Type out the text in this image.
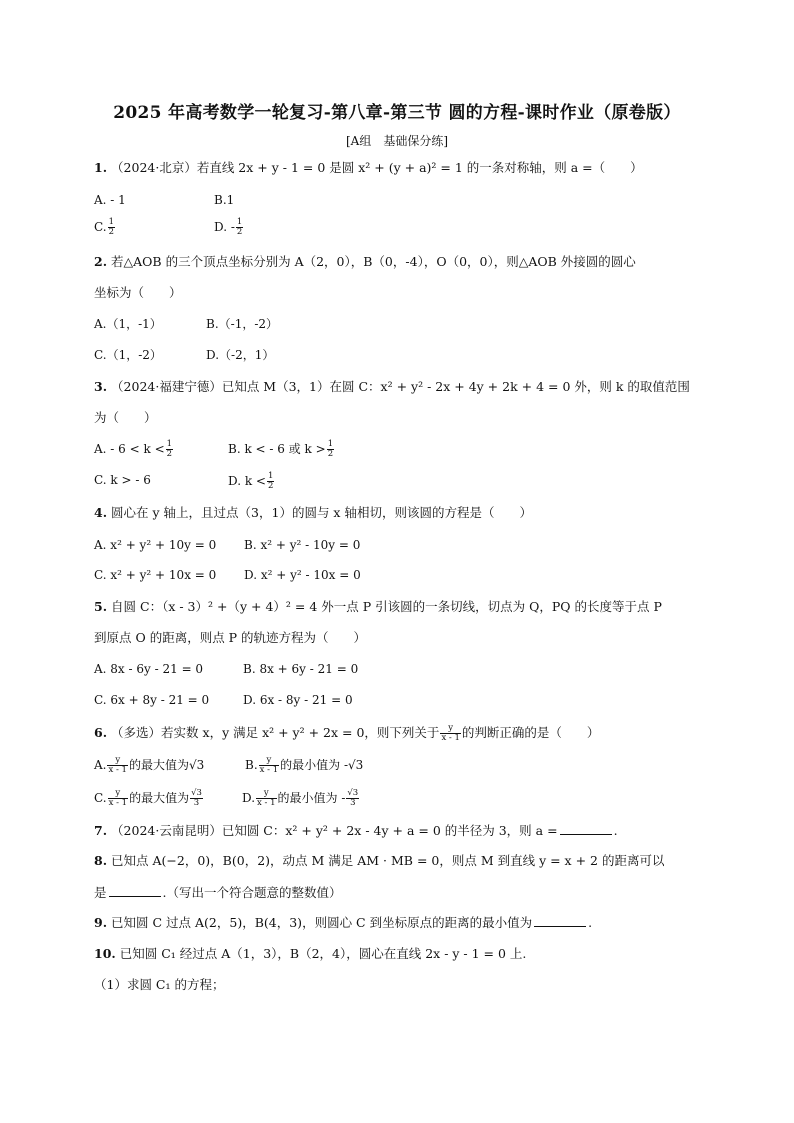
2025 年高考数学一轮复习-第八章-第三节 圆的方程-课时作业（原卷版）
[A组　基础保分练]
1. （2024·北京）若直线 2x + y - 1 = 0 是圆 x² + (y + a)² = 1 的一条对称轴，则 a =（　　）
A. - 1	B.1
C. $\frac{1}{2}$	D. - $\frac{1}{2}$
2. 若△AOB 的三个顶点坐标分别为 A（2，0），B（0，-4），O（0，0），则△AOB 外接圆的圆心
坐标为（　　）
A.（1，-1）	B.（-1，-2）
C.（1，-2）	D.（-2，1）
3. （2024·福建宁德）已知点 M（3，1）在圆 C：x² + y² - 2x + 4y + 2k + 4 = 0 外，则 k 的取值范围
为（　　）
A. - $6 < k < \frac{1}{2}$	B. k < - 6 或 $k > \frac{1}{2}$
C. k > - 6	D. $k < \frac{1}{2}$
4. 圆心在 y 轴上，且过点（3，1）的圆与 x 轴相切，则该圆的方程是（　　）
A. x² + y² + 10y = 0 B. x² + y² - 10y = 0
C. x² + y² + 10x = 0 D. x² + y² - 10x = 0
5. 自圆 C：（x - 3）² +（y + 4）² = 4 外一点 P 引该圆的一条切线，切点为 Q，PQ 的长度等于点 P
到原点 O 的距离，则点 P 的轨迹方程为（　　）
A. 8x - 6y - 21 = 0	B. 8x + 6y - 21 = 0
C. 6x + 8y - 21 = 0	D. 6x - 8y - 21 = 0
6. （多选）若实数 x，y 满足 x² + y² + 2x = 0，则下列关于 $\frac{y}{x - 1}$ 的判断正确的是（　　）
A. $\frac{y}{x - 1}$ 的最大值为√3	B. $\frac{y}{x - 1}$ 的最小值为 -√3
C. $\frac{y}{x - 1}$ 的最大值为 $\frac{√3}{3}$	D. $\frac{y}{x - 1}$ 的最小值为 - $\frac{√3}{3}$
7. （2024·云南昆明）已知圆 C：x² + y² + 2x - 4y + a = 0 的半径为 3，则 a =	.
8. 已知点 A(−2，0)，B(0，2)，动点 M 满足 AM · MB = 0，则点 M 到直线 y = x + 2 的距离可以
是	.（写出一个符合题意的整数值）
9. 已知圆 C 过点 A(2，5)，B(4，3)，则圆心 C 到坐标原点的距离的最小值为	.
10. 已知圆 C₁ 经过点 A（1，3），B（2，4），圆心在直线 2x - y - 1 = 0 上.
（1）求圆 C₁ 的方程；
